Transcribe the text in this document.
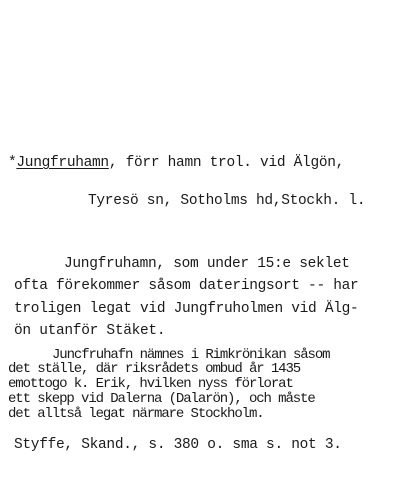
*Jungfruhamn, förr hamn trol. vid Älgön,

Tyresö sn, Sotholms hd,Stockh. l.

Jungfruhamn, som under 15:e seklet

ofta förekommer såsom dateringsort -- har

troligen legat vid Jungfruholmen vid Älg-

ön utanför Stäket.

Juncfruhafn nämnes i Rimkrönikan såsom

det ställe, där riksrådets ombud år 1435

emottogo k. Erik, hvilken nyss förlorat

ett skepp vid Dalerna (Dalarön), och måste

det alltså legat närmare Stockholm.

Styffe, Skand., s. 380 o. sma s. not 3.
